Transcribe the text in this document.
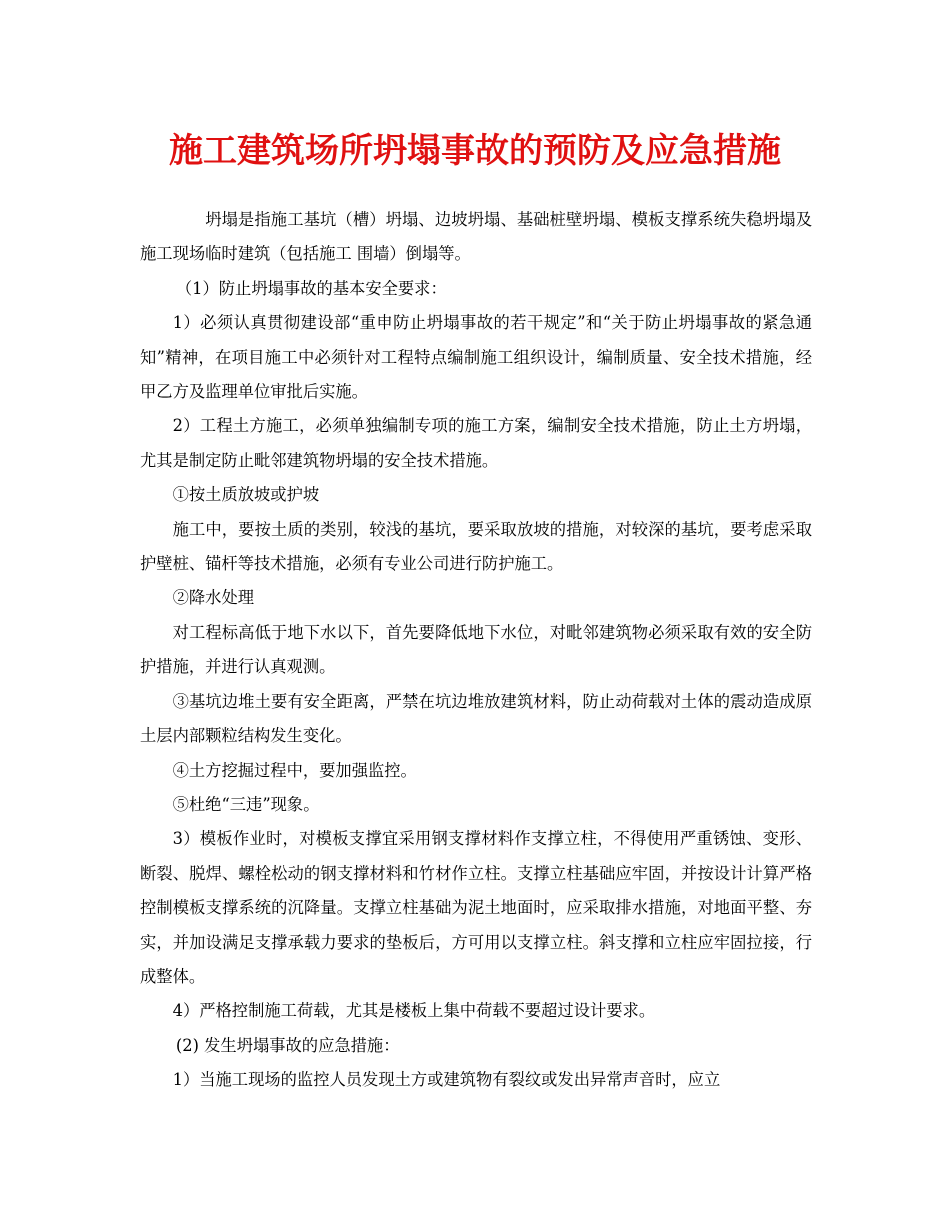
施工建筑场所坍塌事故的预防及应急措施

坍塌是指施工基坑（槽）坍塌、边坡坍塌、基础桩壁坍塌、模板支撑系统失稳坍塌及施工现场临时建筑（包括施工 围墙）倒塌等。

（1）防止坍塌事故的基本安全要求：

1）必须认真贯彻建设部“重申防止坍塌事故的若干规定”和“关于防止坍塌事故的紧急通知”精神，在项目施工中必须针对工程特点编制施工组织设计，编制质量、安全技术措施，经甲乙方及监理单位审批后实施。

2）工程土方施工，必须单独编制专项的施工方案，编制安全技术措施，防止土方坍塌，尤其是制定防止毗邻建筑物坍塌的安全技术措施。

①按土质放坡或护坡

施工中，要按土质的类别，较浅的基坑，要采取放坡的措施，对较深的基坑，要考虑采取护壁桩、锚杆等技术措施，必须有专业公司进行防护施工。

②降水处理

对工程标高低于地下水以下，首先要降低地下水位，对毗邻建筑物必须采取有效的安全防护措施，并进行认真观测。

③基坑边堆土要有安全距离，严禁在坑边堆放建筑材料，防止动荷载对土体的震动造成原土层内部颗粒结构发生变化。

④土方挖掘过程中，要加强监控。

⑤杜绝“三违”现象。

3）模板作业时，对模板支撑宜采用钢支撑材料作支撑立柱，不得使用严重锈蚀、变形、断裂、脱焊、螺栓松动的钢支撑材料和竹材作立柱。支撑立柱基础应牢固，并按设计计算严格控制模板支撑系统的沉降量。支撑立柱基础为泥土地面时，应采取排水措施，对地面平整、夯实，并加设满足支撑承载力要求的垫板后，方可用以支撑立柱。斜支撑和立柱应牢固拉接，行成整体。

4）严格控制施工荷载，尤其是楼板上集中荷载不要超过设计要求。

(2) 发生坍塌事故的应急措施：

1）当施工现场的监控人员发现土方或建筑物有裂纹或发出异常声音时，应立
